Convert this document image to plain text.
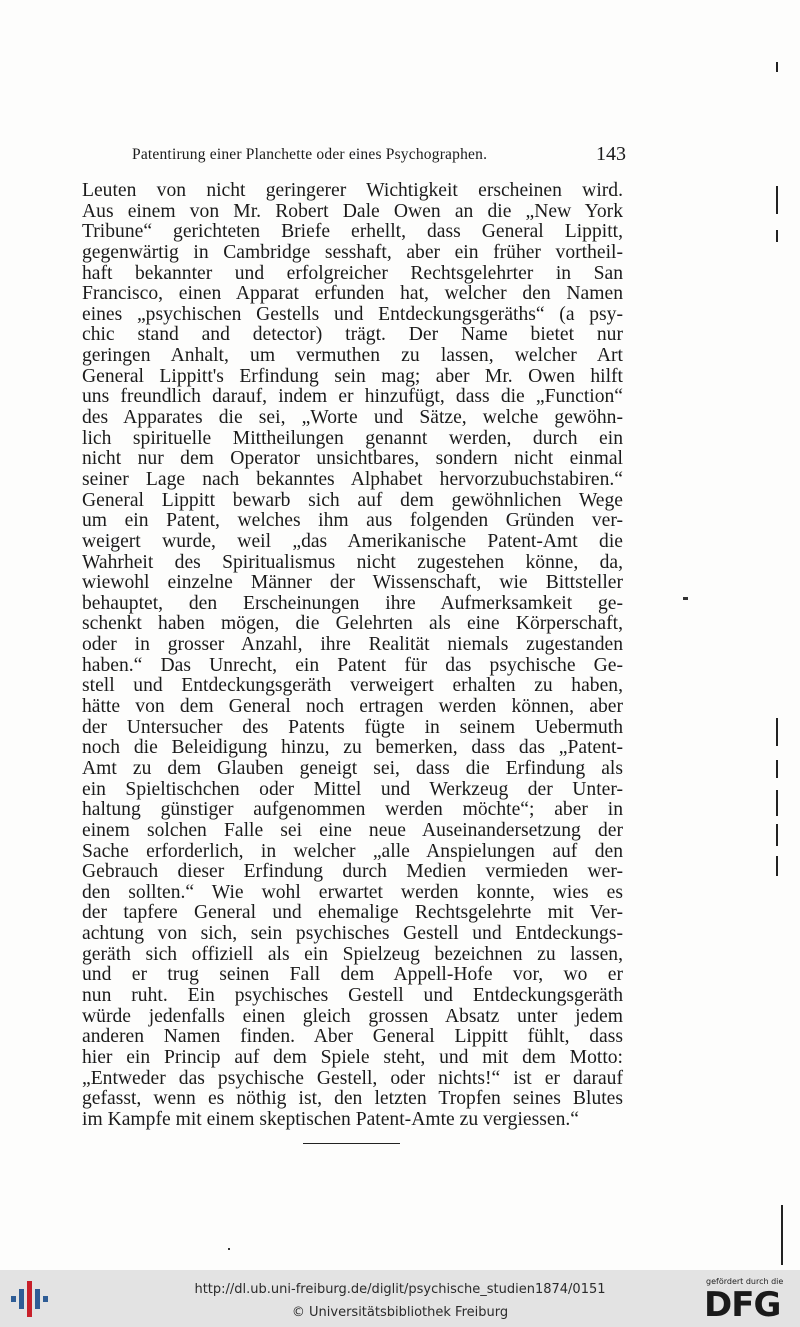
Patentirung einer Planchette oder eines Psychographen.	143
Leuten von nicht geringerer Wichtigkeit erscheinen wird.
Aus einem von Mr. Robert Dale Owen an die „New York
Tribune“ gerichteten Briefe erhellt, dass General Lippitt,
gegenwärtig in Cambridge sesshaft, aber ein früher vortheil-
haft bekannter und erfolgreicher Rechtsgelehrter in San
Francisco, einen Apparat erfunden hat, welcher den Namen
eines „psychischen Gestells und Entdeckungsgeräths“ (a psy-
chic stand and detector) trägt. Der Name bietet nur
geringen Anhalt, um vermuthen zu lassen, welcher Art
General Lippitt's Erfindung sein mag; aber Mr. Owen hilft
uns freundlich darauf, indem er hinzufügt, dass die „Function“
des Apparates die sei, „Worte und Sätze, welche gewöhn-
lich spirituelle Mittheilungen genannt werden, durch ein
nicht nur dem Operator unsichtbares, sondern nicht einmal
seiner Lage nach bekanntes Alphabet hervorzubuchstabiren.“
General Lippitt bewarb sich auf dem gewöhnlichen Wege
um ein Patent, welches ihm aus folgenden Gründen ver-
weigert wurde, weil „das Amerikanische Patent-Amt die
Wahrheit des Spiritualismus nicht zugestehen könne, da,
wiewohl einzelne Männer der Wissenschaft, wie Bittsteller
behauptet, den Erscheinungen ihre Aufmerksamkeit ge-
schenkt haben mögen, die Gelehrten als eine Körperschaft,
oder in grosser Anzahl, ihre Realität niemals zugestanden
haben.“ Das Unrecht, ein Patent für das psychische Ge-
stell und Entdeckungsgeräth verweigert erhalten zu haben,
hätte von dem General noch ertragen werden können, aber
der Untersucher des Patents fügte in seinem Uebermuth
noch die Beleidigung hinzu, zu bemerken, dass das „Patent-
Amt zu dem Glauben geneigt sei, dass die Erfindung als
ein Spieltischchen oder Mittel und Werkzeug der Unter-
haltung günstiger aufgenommen werden möchte“; aber in
einem solchen Falle sei eine neue Auseinandersetzung der
Sache erforderlich, in welcher „alle Anspielungen auf den
Gebrauch dieser Erfindung durch Medien vermieden wer-
den sollten.“ Wie wohl erwartet werden konnte, wies es
der tapfere General und ehemalige Rechtsgelehrte mit Ver-
achtung von sich, sein psychisches Gestell und Entdeckungs-
geräth sich offiziell als ein Spielzeug bezeichnen zu lassen,
und er trug seinen Fall dem Appell-Hofe vor, wo er
nun ruht. Ein psychisches Gestell und Entdeckungsgeräth
würde jedenfalls einen gleich grossen Absatz unter jedem
anderen Namen finden. Aber General Lippitt fühlt, dass
hier ein Princip auf dem Spiele steht, und mit dem Motto:
„Entweder das psychische Gestell, oder nichts!“ ist er darauf
gefasst, wenn es nöthig ist, den letzten Tropfen seines Blutes
im Kampfe mit einem skeptischen Patent-Amte zu vergiessen.“
http://dl.ub.uni-freiburg.de/diglit/psychische_studien1874/0151
© Universitätsbibliothek Freiburg
gefördert durch die
DFG
